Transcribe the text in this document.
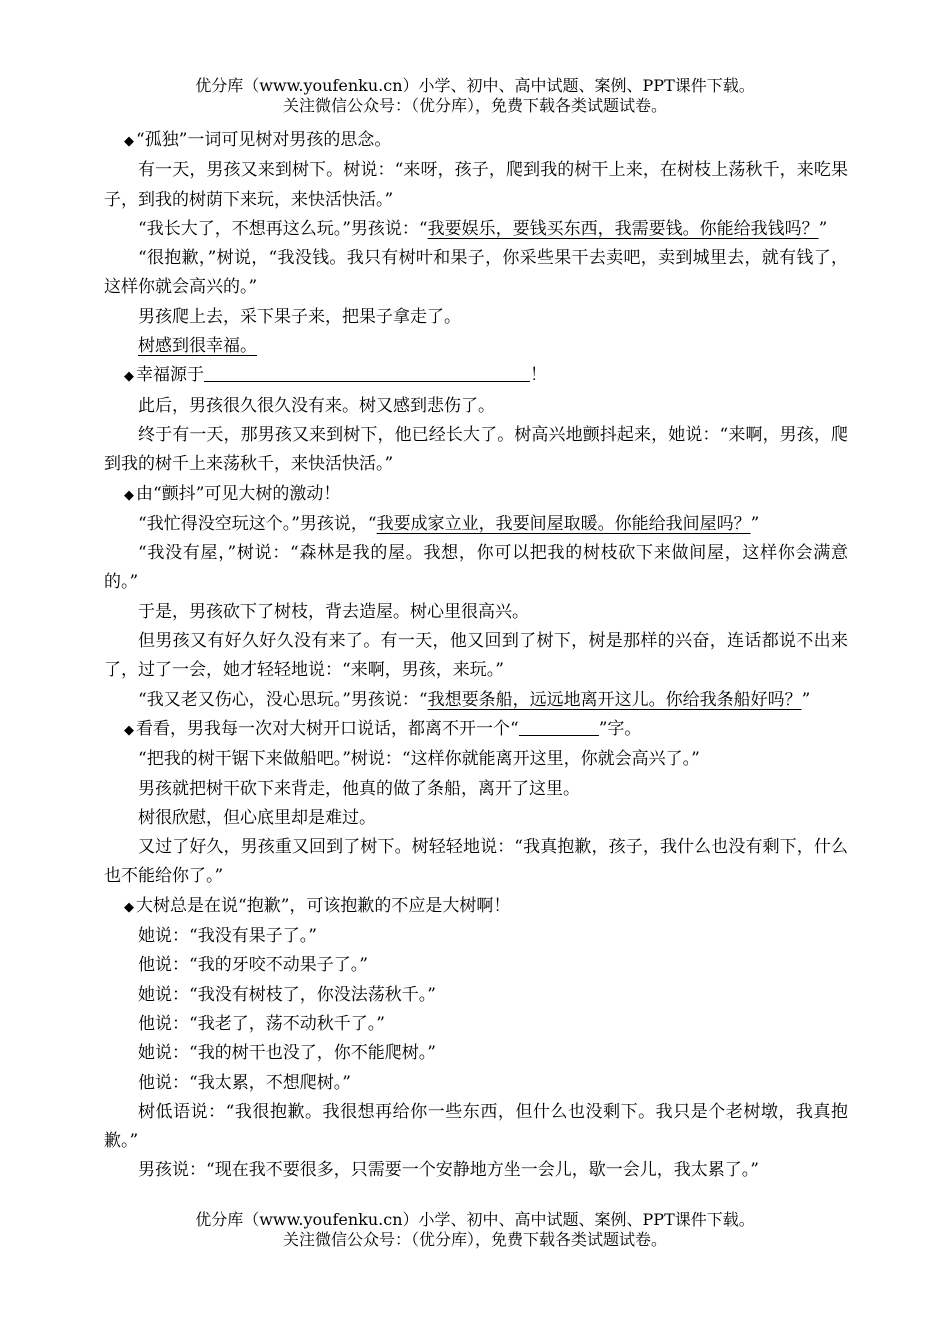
优分库（www.youfenku.cn）小学、初中、高中试题、案例、PPT课件下载。
关注微信公众号：（优分库），免费下载各类试题试卷。

◆ “孤独”一词可见树对男孩的思念。

有一天，男孩又来到树下。树说：“来呀，孩子，爬到我的树干上来，在树枝上荡秋千，来吃果子，到我的树荫下来玩，来快活快活。”

“我长大了，不想再这么玩。”男孩说：“我要娱乐，要钱买东西，我需要钱。你能给我钱吗？”

“很抱歉，”树说，“我没钱。我只有树叶和果子，你采些果干去卖吧，卖到城里去，就有钱了，这样你就会高兴的。”

男孩爬上去，采下果子来，把果子拿走了。

树感到很幸福。

◆ 幸福源于	！

此后，男孩很久很久没有来。树又感到悲伤了。

终于有一天，那男孩又来到树下，他已经长大了。树高兴地颤抖起来，她说：“来啊，男孩，爬到我的树千上来荡秋千，来快活快活。”

◆ 由“颤抖”可见大树的激动！

“我忙得没空玩这个。”男孩说，“我要成家立业，我要间屋取暖。你能给我间屋吗？”

“我没有屋，”树说：“森林是我的屋。我想，你可以把我的树枝砍下来做间屋，这样你会满意的。”

于是，男孩砍下了树枝，背去造屋。树心里很高兴。

但男孩又有好久好久没有来了。有一天，他又回到了树下，树是那样的兴奋，连话都说不出来了，过了一会，她才轻轻地说：“来啊，男孩，来玩。”

“我又老又伤心，没心思玩。”男孩说：“我想要条船，远远地离开这儿。你给我条船好吗？”

◆ 看看，男我每一次对大树开口说话，都离不开一个“	”字。

“把我的树干锯下来做船吧。”树说：“这样你就能离开这里，你就会高兴了。”

男孩就把树干砍下来背走，他真的做了条船，离开了这里。

树很欣慰，但心底里却是难过。

又过了好久，男孩重又回到了树下。树轻轻地说：“我真抱歉，孩子，我什么也没有剩下，什么也不能给你了。”

◆ 大树总是在说“抱歉”，可该抱歉的不应是大树啊！

她说：“我没有果子了。”

他说：“我的牙咬不动果子了。”

她说：“我没有树枝了，你没法荡秋千。”

他说：“我老了，荡不动秋千了。”

她说：“我的树干也没了，你不能爬树。”

他说：“我太累，不想爬树。”

树低语说：“我很抱歉。我很想再给你一些东西，但什么也没剩下。我只是个老树墩，我真抱歉。”

男孩说：“现在我不要很多，只需要一个安静地方坐一会儿，歇一会儿，我太累了。”

优分库（www.youfenku.cn）小学、初中、高中试题、案例、PPT课件下载。
关注微信公众号：（优分库），免费下载各类试题试卷。
